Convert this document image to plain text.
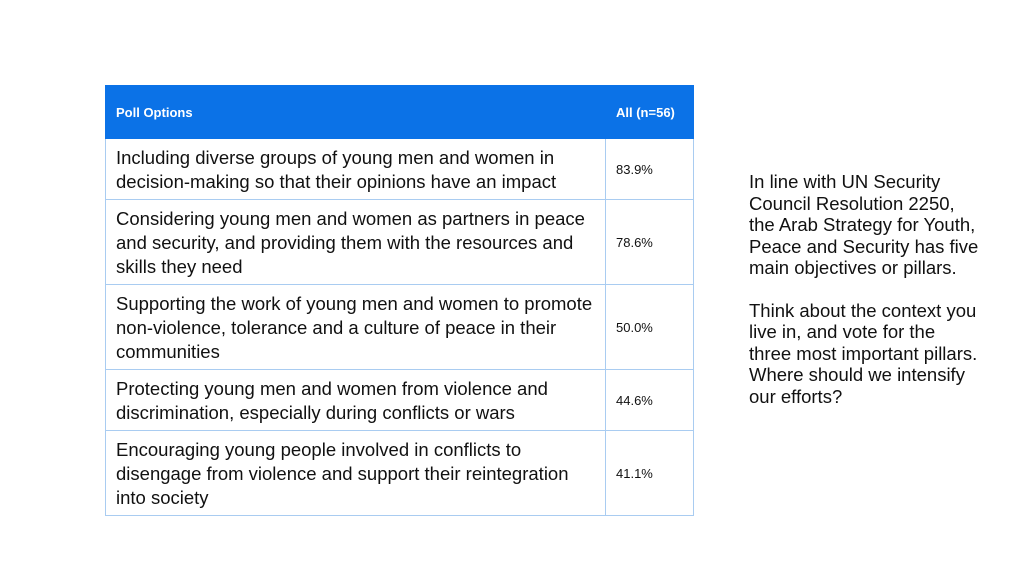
Poll Options	All (n=56)
Including diverse groups of young men and women in decision-making so that their opinions have an impact	83.9%
Considering young men and women as partners in peace and security, and providing them with the resources and skills they need	78.6%
Supporting the work of young men and women to promote non-violence, tolerance and a culture of peace in their communities	50.0%
Protecting young men and women from violence and discrimination, especially during conflicts or wars	44.6%
Encouraging young people involved in conflicts to disengage from violence and support their reintegration into society	41.1%

In line with UN Security Council Resolution 2250, the Arab Strategy for Youth, Peace and Security has five main objectives or pillars.

Think about the context you live in, and vote for the three most important pillars. Where should we intensify our efforts?
